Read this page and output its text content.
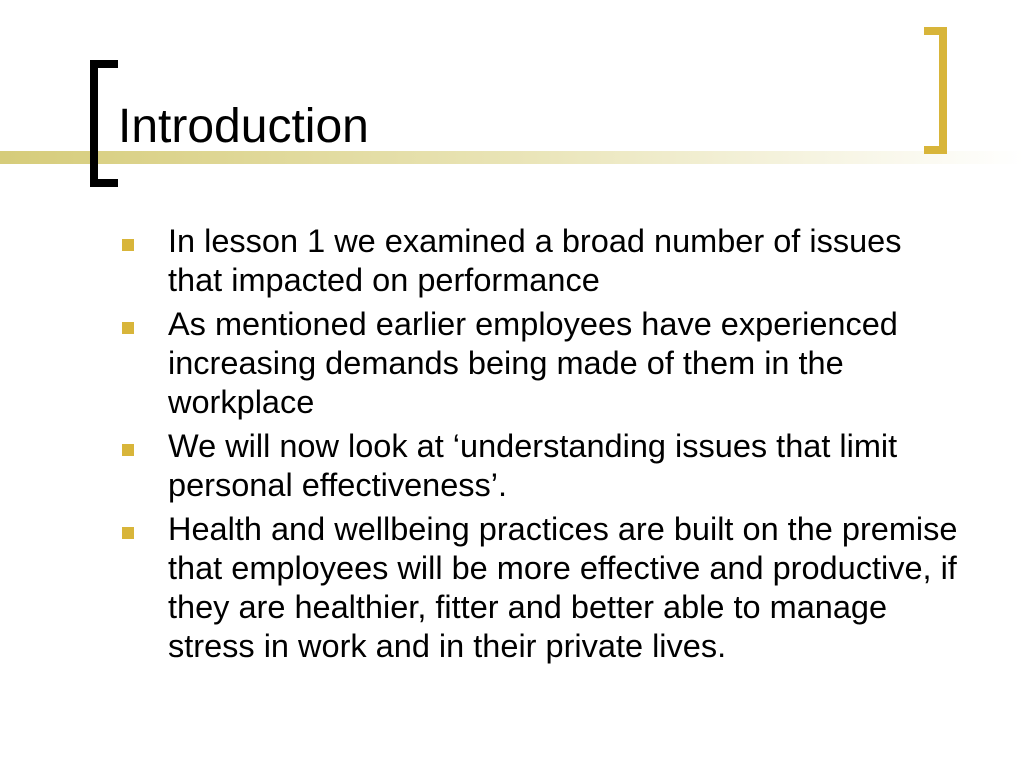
Introduction
In lesson 1 we examined a broad number of issues that impacted on performance
As mentioned earlier employees have experienced increasing demands being made of them in the workplace
We will now look at ‘understanding issues that limit personal effectiveness’.
Health and wellbeing practices are built on the premise that employees will be more effective and productive, if they are healthier, fitter and better able to manage stress in work and in their private lives.
